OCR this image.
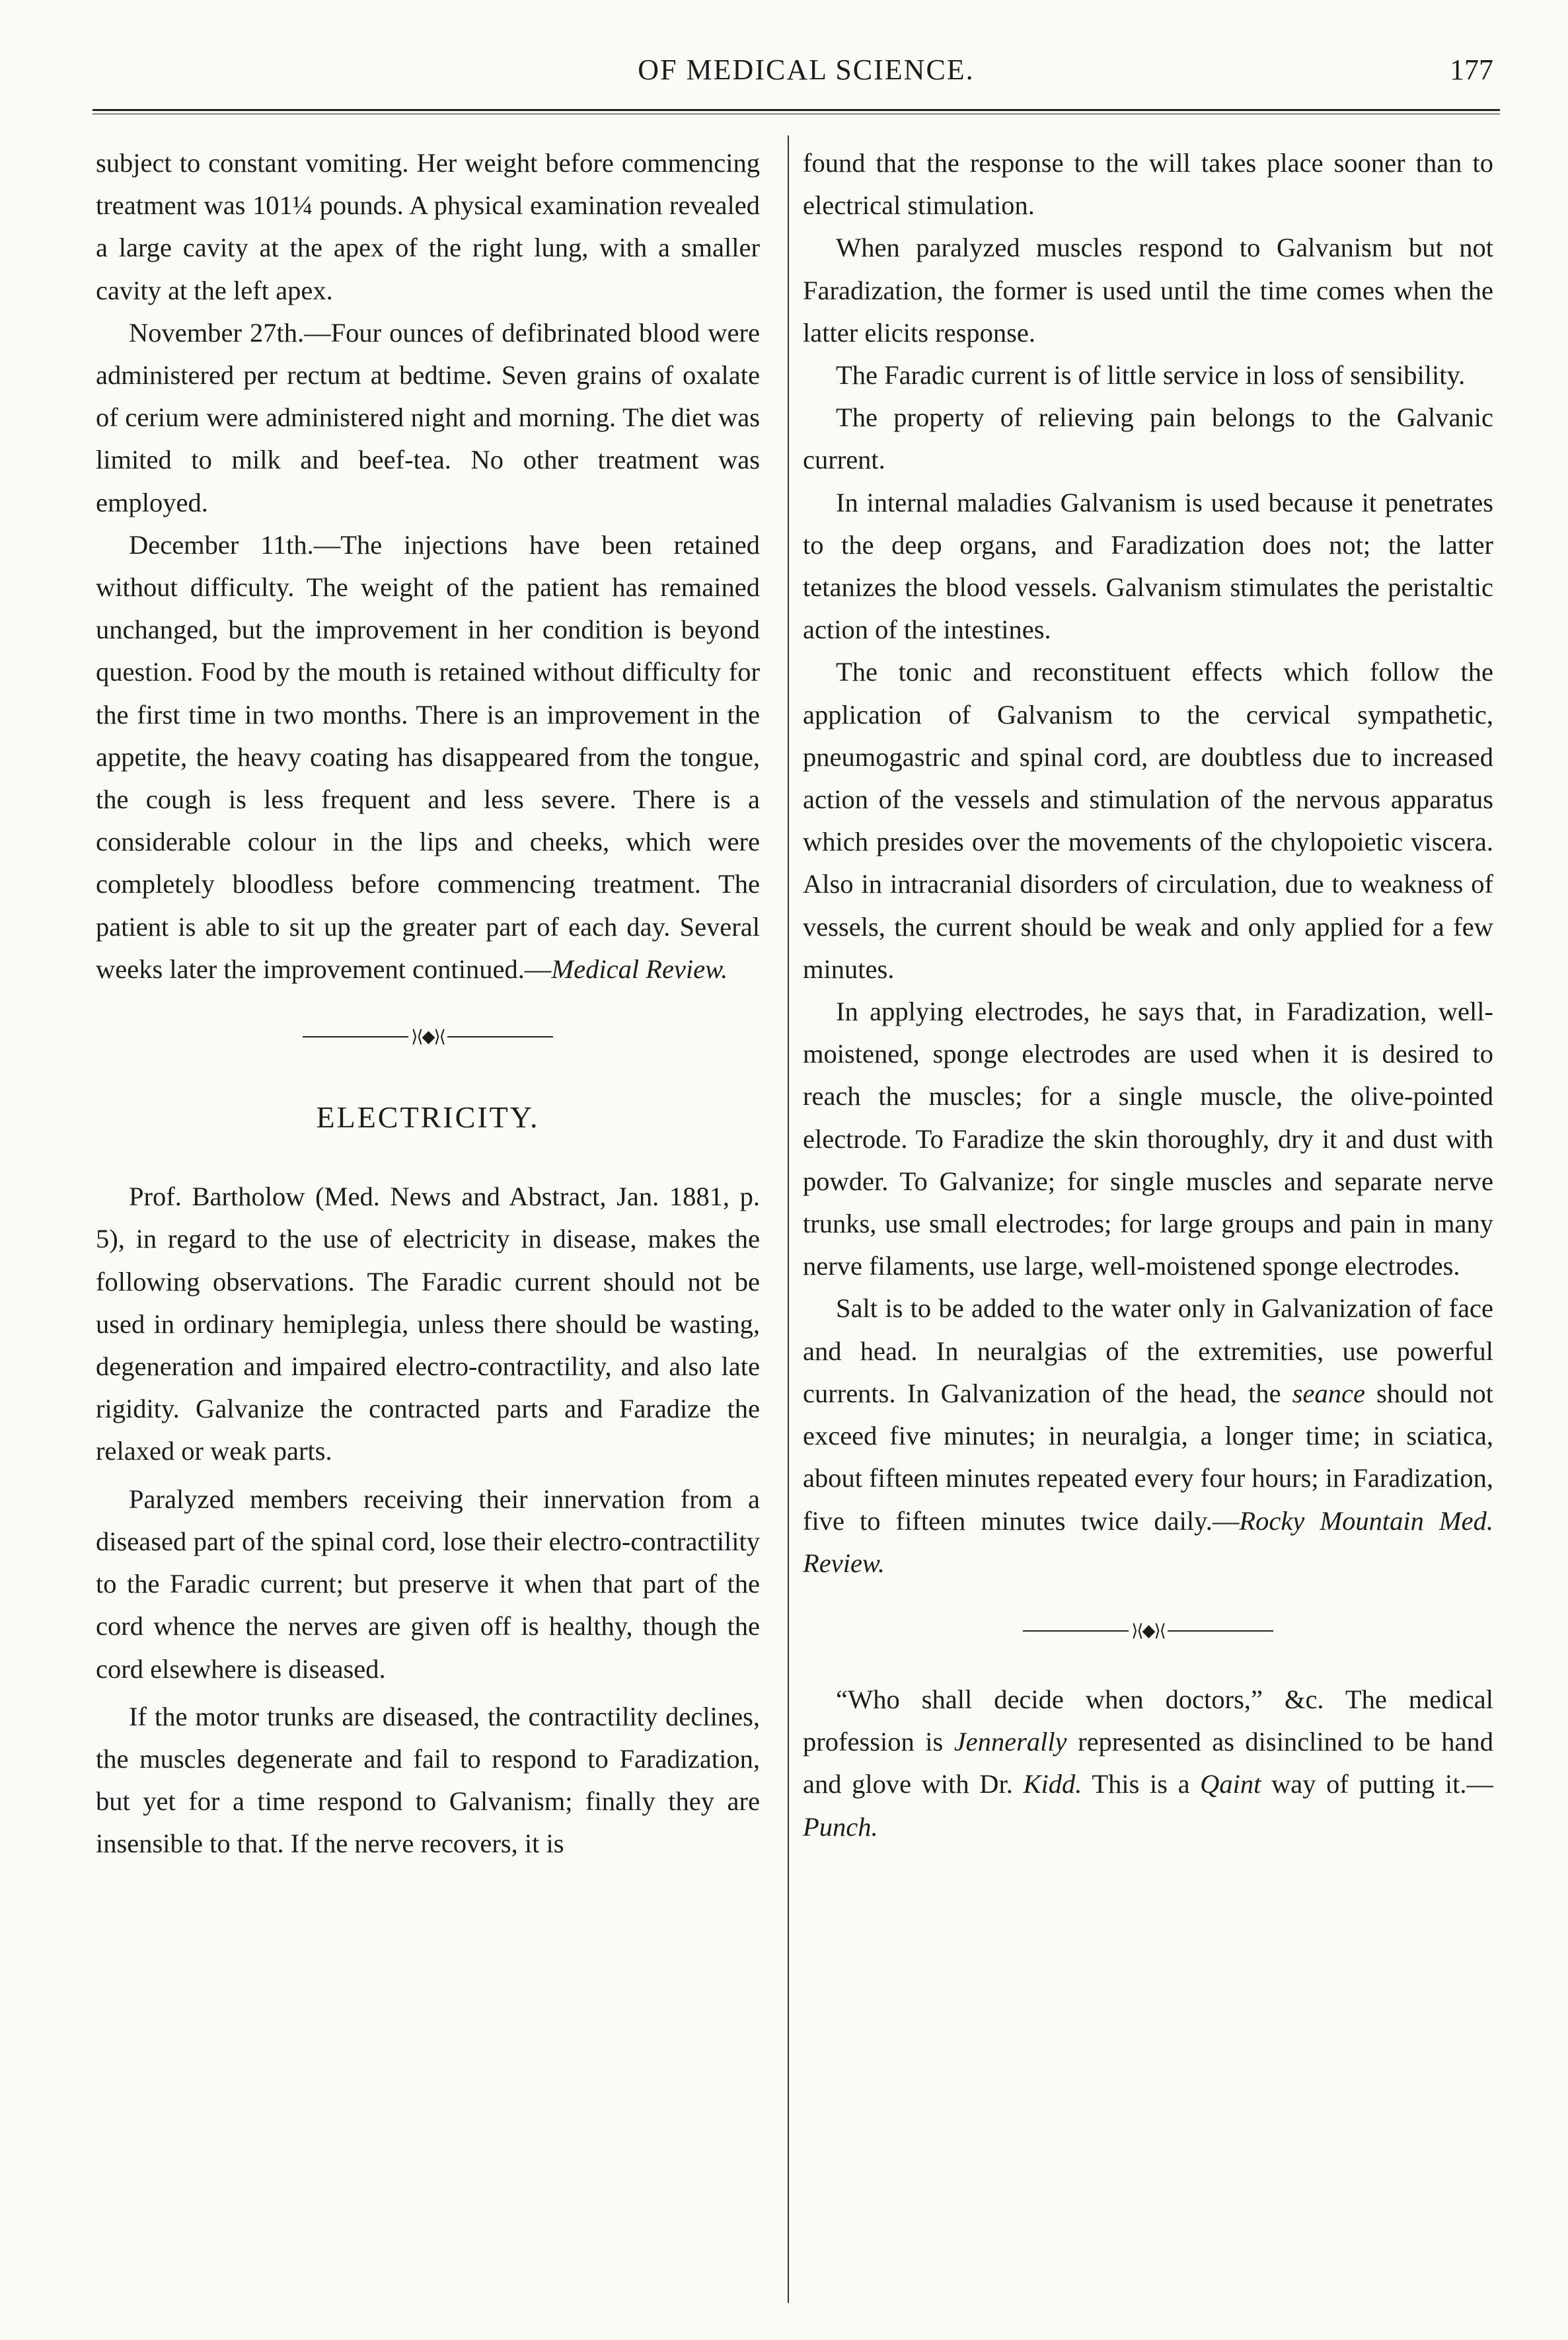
OF MEDICAL SCIENCE.	177

subject to constant vomiting. Her weight before commencing treatment was 101¼ pounds. A physical examination revealed a large cavity at the apex of the right lung, with a smaller cavity at the left apex.

November 27th.—Four ounces of defibrinated blood were administered per rectum at bedtime. Seven grains of oxalate of cerium were administered night and morning. The diet was limited to milk and beef-tea. No other treatment was employed.

December 11th.—The injections have been retained without difficulty. The weight of the patient has remained unchanged, but the improvement in her condition is beyond question. Food by the mouth is retained without difficulty for the first time in two months. There is an improvement in the appetite, the heavy coating has disappeared from the tongue, the cough is less frequent and less severe. There is a considerable colour in the lips and cheeks, which were completely bloodless before commencing treatment. The patient is able to sit up the greater part of each day. Several weeks later the improvement continued.—Medical Review.

⟩⟨◆⟩⟨
ELECTRICITY.

Prof. Bartholow (Med. News and Abstract, Jan. 1881, p. 5), in regard to the use of electricity in disease, makes the following observations. The Faradic current should not be used in ordinary hemiplegia, unless there should be wasting, degeneration and impaired electro-contractility, and also late rigidity. Galvanize the contracted parts and Faradize the relaxed or weak parts.

Paralyzed members receiving their innervation from a diseased part of the spinal cord, lose their electro-contractility to the Faradic current; but preserve it when that part of the cord whence the nerves are given off is healthy, though the cord elsewhere is diseased.

If the motor trunks are diseased, the contractility declines, the muscles degenerate and fail to respond to Faradization, but yet for a time respond to Galvanism; finally they are insensible to that. If the nerve recovers, it is

found that the response to the will takes place sooner than to electrical stimulation.

When paralyzed muscles respond to Galvanism but not Faradization, the former is used until the time comes when the latter elicits response.

The Faradic current is of little service in loss of sensibility.

The property of relieving pain belongs to the Galvanic current.

In internal maladies Galvanism is used because it penetrates to the deep organs, and Faradization does not; the latter tetanizes the blood vessels. Galvanism stimulates the peristaltic action of the intestines.

The tonic and reconstituent effects which follow the application of Galvanism to the cervical sympathetic, pneumogastric and spinal cord, are doubtless due to increased action of the vessels and stimulation of the nervous apparatus which presides over the movements of the chylopoietic viscera. Also in intracranial disorders of circulation, due to weakness of vessels, the current should be weak and only applied for a few minutes.

In applying electrodes, he says that, in Faradization, well-moistened, sponge electrodes are used when it is desired to reach the muscles; for a single muscle, the olive-pointed electrode. To Faradize the skin thoroughly, dry it and dust with powder. To Galvanize; for single muscles and separate nerve trunks, use small electrodes; for large groups and pain in many nerve filaments, use large, well-moistened sponge electrodes.

Salt is to be added to the water only in Galvanization of face and head. In neuralgias of the extremities, use powerful currents. In Galvanization of the head, the seance should not exceed five minutes; in neuralgia, a longer time; in sciatica, about fifteen minutes repeated every four hours; in Faradization, five to fifteen minutes twice daily.—Rocky Mountain Med. Review.

⟩⟨◆⟩⟨

“Who shall decide when doctors,” &c. The medical profession is Jennerally represented as disinclined to be hand and glove with Dr. Kidd. This is a Qaint way of putting it.—Punch.
